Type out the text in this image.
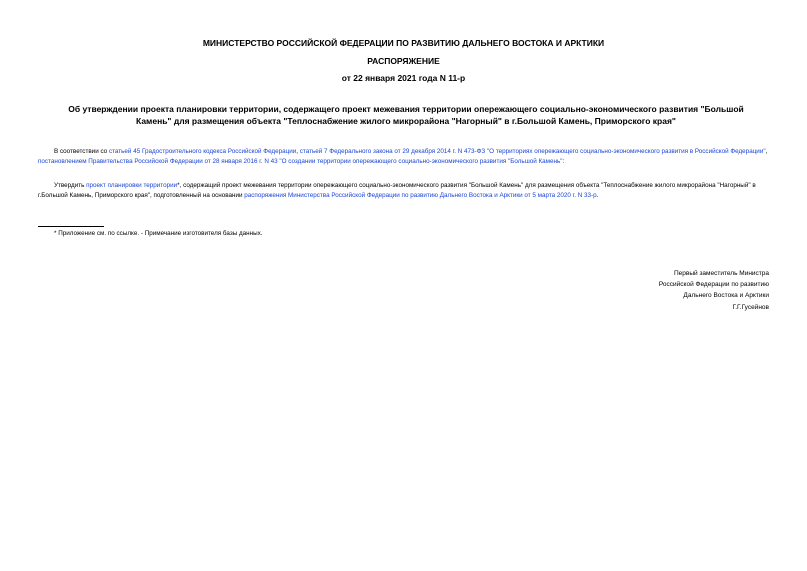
МИНИСТЕРСТВО РОССИЙСКОЙ ФЕДЕРАЦИИ ПО РАЗВИТИЮ ДАЛЬНЕГО ВОСТОКА И АРКТИКИ
РАСПОРЯЖЕНИЕ
от 22 января 2021 года N 11-р
Об утверждении проекта планировки территории, содержащего проект межевания территории опережающего социально-экономического развития "Большой Камень" для размещения объекта "Теплоснабжение жилого микрорайона "Нагорный" в г.Большой Камень, Приморского края"

В соответствии со статьей 45 Градостроительного кодекса Российской Федерации, статьей 7 Федерального закона от 29 декабря 2014 г. N 473-ФЗ "О территориях опережающего социально-экономического развития в Российской Федерации", постановлением Правительства Российской Федерации от 28 января 2016 г. N 43 "О создании территории опережающего социально-экономического развития "Большой Камень":

Утвердить проект планировки территории*, содержащий проект межевания территории опережающего социально-экономического развития "Большой Камень" для размещения объекта "Теплоснабжение жилого микрорайона "Нагорный" в г.Большой Камень, Приморского края", подготовленный на основании распоряжения Министерства Российской Федерации по развитию Дальнего Востока и Арктики от 5 марта 2020 г. N 33-р.

* Приложение см. по ссылке. - Примечание изготовителя базы данных.
Первый заместитель Министра
Российской Федерации по развитию
Дальнего Востока и Арктики
Г.Г.Гусейнов
